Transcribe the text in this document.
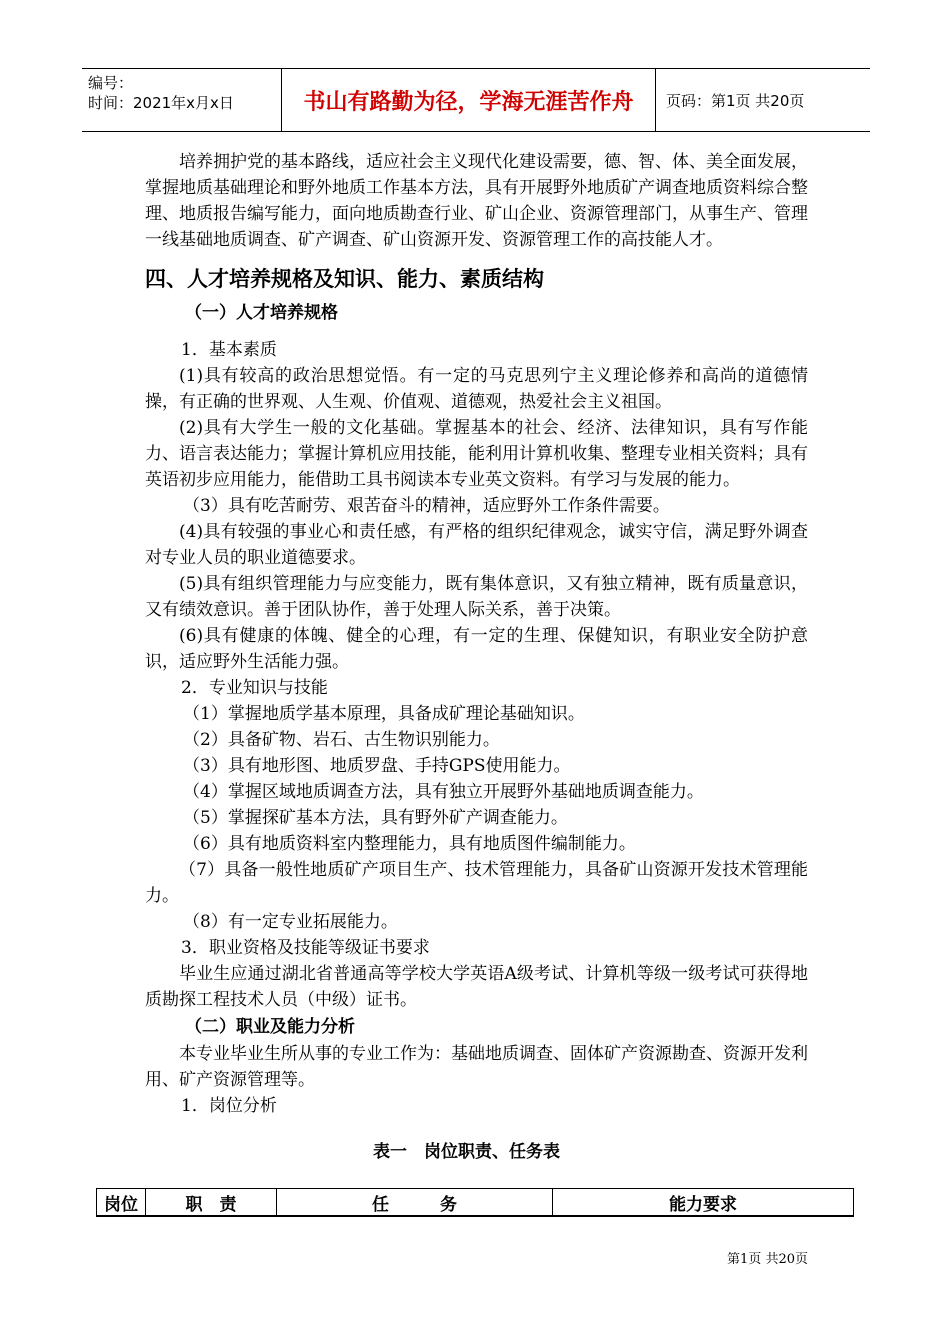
编号：
时间：2021年x月x日	书山有路勤为径，学海无涯苦作舟	页码：第1页 共20页

培养拥护党的基本路线，适应社会主义现代化建设需要，德、智、体、美全面发展，掌握地质基础理论和野外地质工作基本方法，具有开展野外地质矿产调查地质资料综合整理、地质报告编写能力，面向地质勘查行业、矿山企业、资源管理部门，从事生产、管理一线基础地质调查、矿产调查、矿山资源开发、资源管理工作的高技能人才。

四、人才培养规格及知识、能力、素质结构
（一）人才培养规格

1．基本素质

(1)具有较高的政治思想觉悟。有一定的马克思列宁主义理论修养和高尚的道德情操，有正确的世界观、人生观、价值观、道德观，热爱社会主义祖国。

(2)具有大学生一般的文化基础。掌握基本的社会、经济、法律知识，具有写作能力、语言表达能力；掌握计算机应用技能，能利用计算机收集、整理专业相关资料；具有英语初步应用能力，能借助工具书阅读本专业英文资料。有学习与发展的能力。

（3）具有吃苦耐劳、艰苦奋斗的精神，适应野外工作条件需要。

(4)具有较强的事业心和责任感，有严格的组织纪律观念，诚实守信，满足野外调查对专业人员的职业道德要求。

(5)具有组织管理能力与应变能力，既有集体意识，又有独立精神，既有质量意识，又有绩效意识。善于团队协作，善于处理人际关系，善于决策。

(6)具有健康的体魄、健全的心理，有一定的生理、保健知识，有职业安全防护意识，适应野外生活能力强。

2．专业知识与技能

（1）掌握地质学基本原理，具备成矿理论基础知识。

（2）具备矿物、岩石、古生物识别能力。

（3）具有地形图、地质罗盘、手持GPS使用能力。

（4）掌握区域地质调查方法，具有独立开展野外基础地质调查能力。

（5）掌握探矿基本方法，具有野外矿产调查能力。

（6）具有地质资料室内整理能力，具有地质图件编制能力。

（7）具备一般性地质矿产项目生产、技术管理能力，具备矿山资源开发技术管理能力。

（8）有一定专业拓展能力。

3．职业资格及技能等级证书要求

毕业生应通过湖北省普通高等学校大学英语A级考试、计算机等级一级考试可获得地质勘探工程技术人员（中级）证书。

（二）职业及能力分析

本专业毕业生所从事的专业工作为：基础地质调查、固体矿产资源勘查、资源开发利用、矿产资源管理等。

1．岗位分析

表一　岗位职责、任务表
岗位	职　责	任　　　务	能力要求
第1页 共20页
